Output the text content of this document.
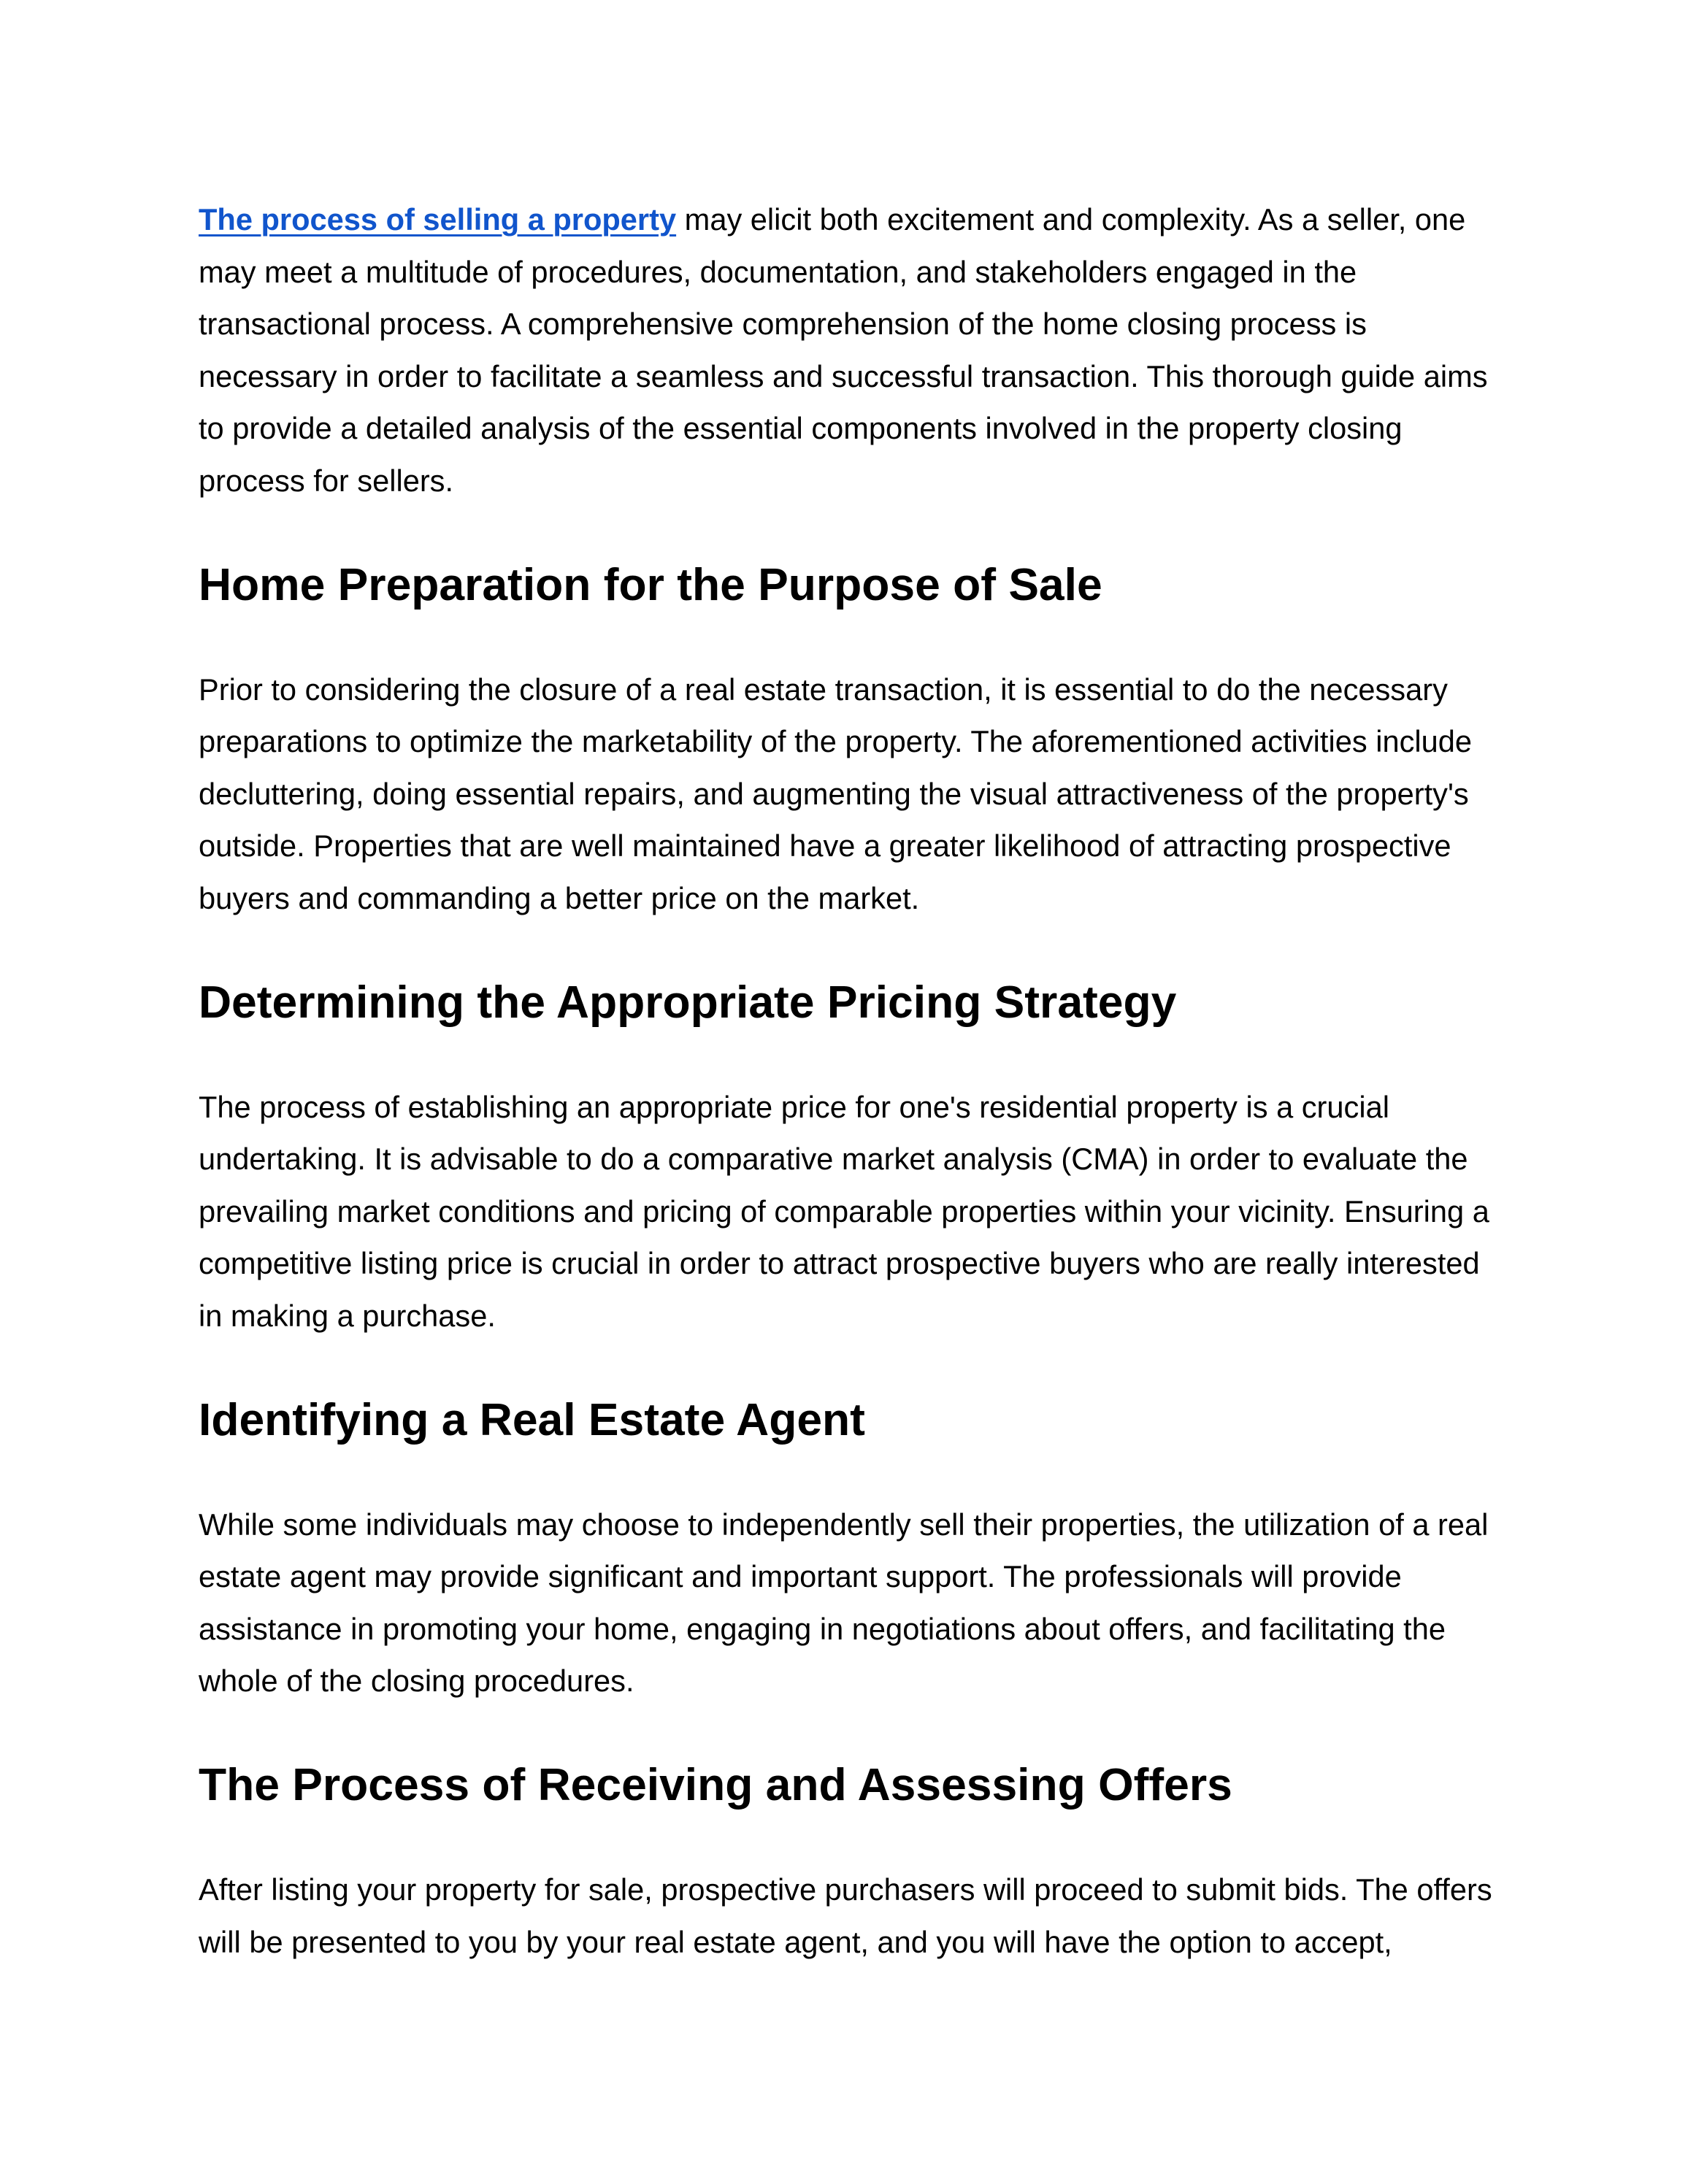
The process of selling a property may elicit both excitement and complexity. As a seller, one may meet a multitude of procedures, documentation, and stakeholders engaged in the transactional process. A comprehensive comprehension of the home closing process is necessary in order to facilitate a seamless and successful transaction. This thorough guide aims to provide a detailed analysis of the essential components involved in the property closing process for sellers.

Home Preparation for the Purpose of Sale

Prior to considering the closure of a real estate transaction, it is essential to do the necessary preparations to optimize the marketability of the property. The aforementioned activities include decluttering, doing essential repairs, and augmenting the visual attractiveness of the property's outside. Properties that are well maintained have a greater likelihood of attracting prospective buyers and commanding a better price on the market.

Determining the Appropriate Pricing Strategy

The process of establishing an appropriate price for one's residential property is a crucial undertaking. It is advisable to do a comparative market analysis (CMA) in order to evaluate the prevailing market conditions and pricing of comparable properties within your vicinity. Ensuring a competitive listing price is crucial in order to attract prospective buyers who are really interested in making a purchase.

Identifying a Real Estate Agent

While some individuals may choose to independently sell their properties, the utilization of a real estate agent may provide significant and important support. The professionals will provide assistance in promoting your home, engaging in negotiations about offers, and facilitating the whole of the closing procedures.

The Process of Receiving and Assessing Offers

After listing your property for sale, prospective purchasers will proceed to submit bids. The offers will be presented to you by your real estate agent, and you will have the option to accept,
